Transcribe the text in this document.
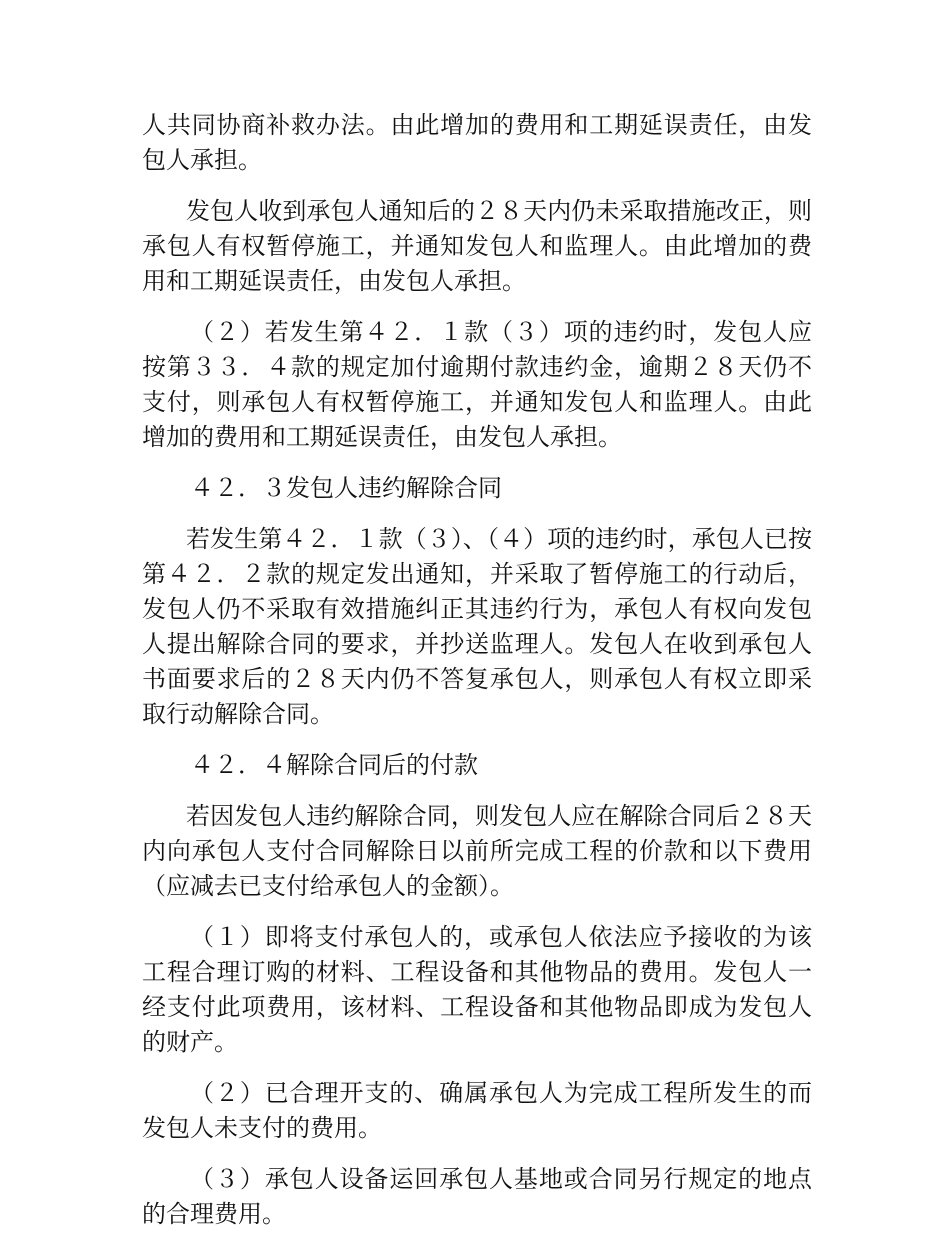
人共同协商补救办法。由此增加的费用和工期延误责任，由发包人承担。

发包人收到承包人通知后的２８天内仍未采取措施改正，则承包人有权暂停施工，并通知发包人和监理人。由此增加的费用和工期延误责任，由发包人承担。

（２）若发生第４２．１款（３）项的违约时，发包人应按第３３．４款的规定加付逾期付款违约金，逾期２８天仍不支付，则承包人有权暂停施工，并通知发包人和监理人。由此增加的费用和工期延误责任，由发包人承担。

４２．３发包人违约解除合同

若发生第４２．１款（３）、（４）项的违约时，承包人已按第４２．２款的规定发出通知，并采取了暂停施工的行动后，发包人仍不采取有效措施纠正其违约行为，承包人有权向发包人提出解除合同的要求，并抄送监理人。发包人在收到承包人书面要求后的２８天内仍不答复承包人，则承包人有权立即采取行动解除合同。

４２．４解除合同后的付款

若因发包人违约解除合同，则发包人应在解除合同后２８天内向承包人支付合同解除日以前所完成工程的价款和以下费用（应减去已支付给承包人的金额）。

（１）即将支付承包人的，或承包人依法应予接收的为该工程合理订购的材料、工程设备和其他物品的费用。发包人一经支付此项费用，该材料、工程设备和其他物品即成为发包人的财产。

（２）已合理开支的、确属承包人为完成工程所发生的而发包人未支付的费用。

（３）承包人设备运回承包人基地或合同另行规定的地点的合理费用。
